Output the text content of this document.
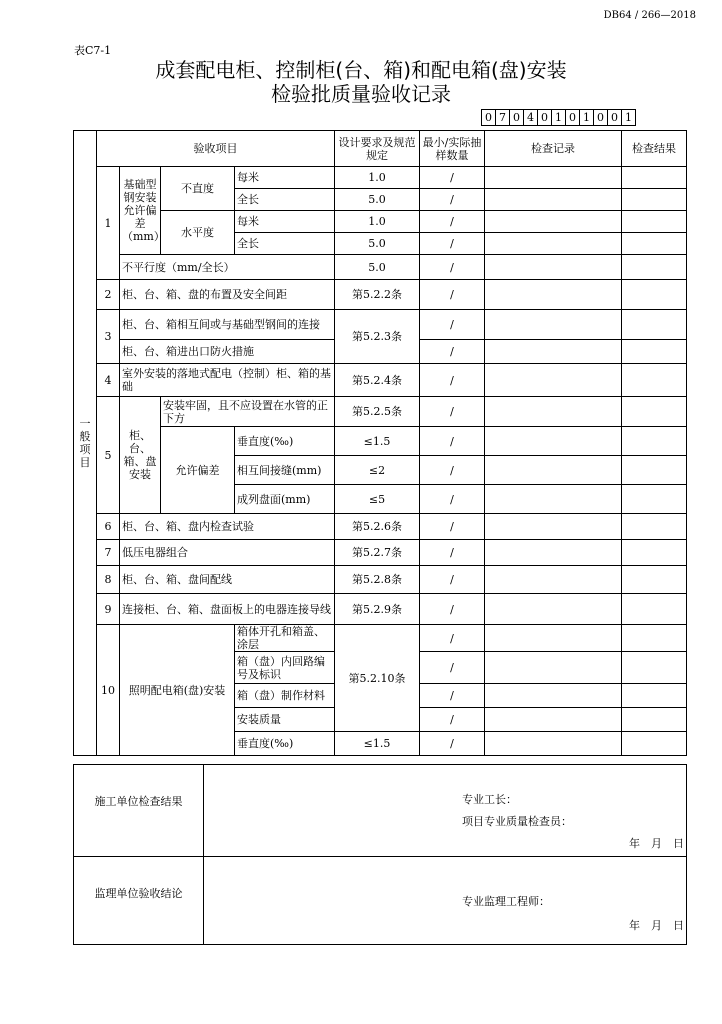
DB64 / 266—2018
表C7-1
成套配电柜、控制柜(台、箱)和配电箱(盘)安装
检验批质量验收记录
0 7 0 4 0 1 0 1 0 0 1
一般项目	验收项目				设计要求及规范规定	最小/实际抽样数量	检查记录	检查结果
	1	基础型钢安装允许偏差（mm）	不直度	每米	1.0	/		
				全长	5.0	/		
			水平度	每米	1.0	/		
				全长	5.0	/		
		不平行度（mm/全长）			5.0	/		
	2	柜、台、箱、盘的布置及安全间距			第5.2.2条	/		
	3	柜、台、箱相互间或与基础型钢间的连接			第5.2.3条	/		
		柜、台、箱进出口防火措施				/		
	4	室外安装的落地式配电（控制）柜、箱的基础			第5.2.4条	/		
	5	柜、台、箱、盘安装	安装牢固，且不应设置在水管的正下方		第5.2.5条	/		
			允许偏差	垂直度(‰)	≤1.5	/		
				相互间接缝(mm)	≤2	/		
				成列盘面(mm)	≤5	/		
	6	柜、台、箱、盘内检查试验			第5.2.6条	/		
	7	低压电器组合			第5.2.7条	/		
	8	柜、台、箱、盘间配线			第5.2.8条	/		
	9	连接柜、台、箱、盘面板上的电器连接导线			第5.2.9条	/		
	10	照明配电箱(盘)安装		箱体开孔和箱盖、涂层	第5.2.10条	/		
				箱（盘）内回路编号及标识		/		
				箱（盘）制作材料		/		
				安装质量		/		
				垂直度(‰)	≤1.5	/		
施工单位检查结果	专业工长：
项目专业质量检查员：
年　月　日

监理单位验收结论	专业监理工程师：
年　月　日
